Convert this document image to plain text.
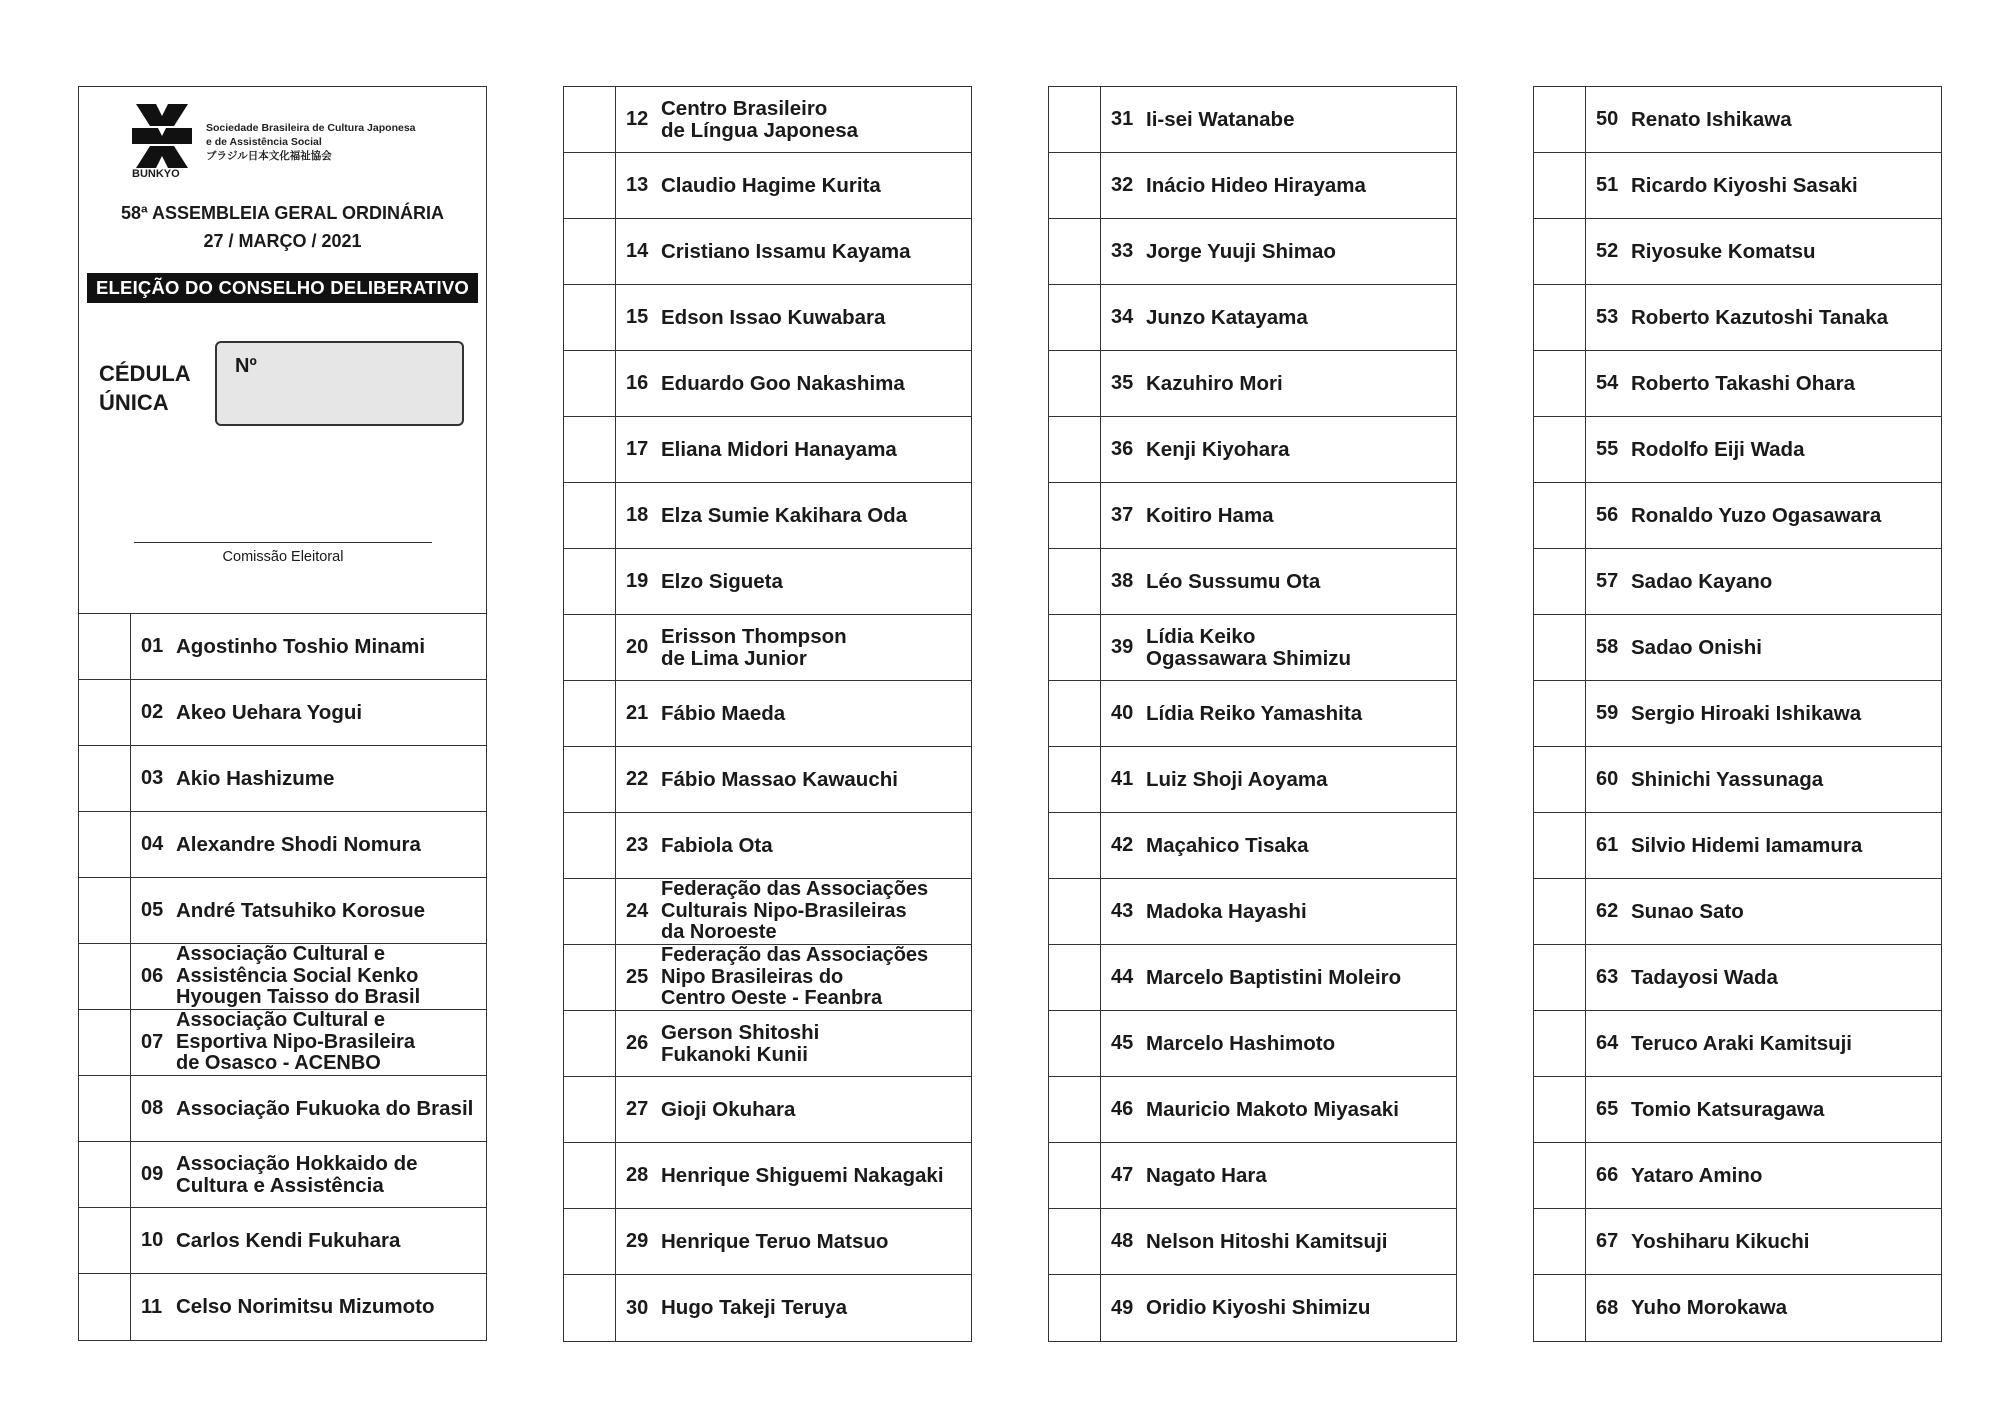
BUNKYO
Sociedade Brasileira de Cultura Japonesa
e de Assistência Social
ブラジル日本文化福祉協会
58ª ASSEMBLEIA GERAL ORDINÁRIA
27 / MARÇO / 2021
ELEIÇÃO DO CONSELHO DELIBERATIVO
CÉDULA
ÚNICA
Nº
Comissão Eleitoral
01 Agostinho Toshio Minami
02 Akeo Uehara Yogui
03 Akio Hashizume
04 Alexandre Shodi Nomura
05 André Tatsuhiko Korosue
06
Associação Cultural e
Assistência Social Kenko
Hyougen Taisso do Brasil
07
Associação Cultural e
Esportiva Nipo-Brasileira
de Osasco - ACENBO
08 Associação Fukuoka do Brasil
09 Associação Hokkaido de
Cultura e Assistência
10 Carlos Kendi Fukuhara
11 Celso Norimitsu Mizumoto
12 Centro Brasileiro
de Língua Japonesa
13 Claudio Hagime Kurita
14 Cristiano Issamu Kayama
15 Edson Issao Kuwabara
16 Eduardo Goo Nakashima
17 Eliana Midori Hanayama
18 Elza Sumie Kakihara Oda
19 Elzo Sigueta
20 Erisson Thompson
de Lima Junior
21 Fábio Maeda
22 Fábio Massao Kawauchi
23 Fabiola Ota
24
Federação das Associações
Culturais Nipo-Brasileiras
da Noroeste
25
Federação das Associações
Nipo Brasileiras do
Centro Oeste - Feanbra
26 Gerson Shitoshi
Fukanoki Kunii
27 Gioji Okuhara
28 Henrique Shiguemi Nakagaki
29 Henrique Teruo Matsuo
30 Hugo Takeji Teruya
31 Ii-sei Watanabe
32 Inácio Hideo Hirayama
33 Jorge Yuuji Shimao
34 Junzo Katayama
35 Kazuhiro Mori
36 Kenji Kiyohara
37 Koitiro Hama
38 Léo Sussumu Ota
39 Lídia Keiko
Ogassawara Shimizu
40 Lídia Reiko Yamashita
41 Luiz Shoji Aoyama
42 Maçahico Tisaka
43 Madoka Hayashi
44 Marcelo Baptistini Moleiro
45 Marcelo Hashimoto
46 Mauricio Makoto Miyasaki
47 Nagato Hara
48 Nelson Hitoshi Kamitsuji
49 Oridio Kiyoshi Shimizu
50 Renato Ishikawa
51 Ricardo Kiyoshi Sasaki
52 Riyosuke Komatsu
53 Roberto Kazutoshi Tanaka
54 Roberto Takashi Ohara
55 Rodolfo Eiji Wada
56 Ronaldo Yuzo Ogasawara
57 Sadao Kayano
58 Sadao Onishi
59 Sergio Hiroaki Ishikawa
60 Shinichi Yassunaga
61 Silvio Hidemi Iamamura
62 Sunao Sato
63 Tadayosi Wada
64 Teruco Araki Kamitsuji
65 Tomio Katsuragawa
66 Yataro Amino
67 Yoshiharu Kikuchi
68 Yuho Morokawa
